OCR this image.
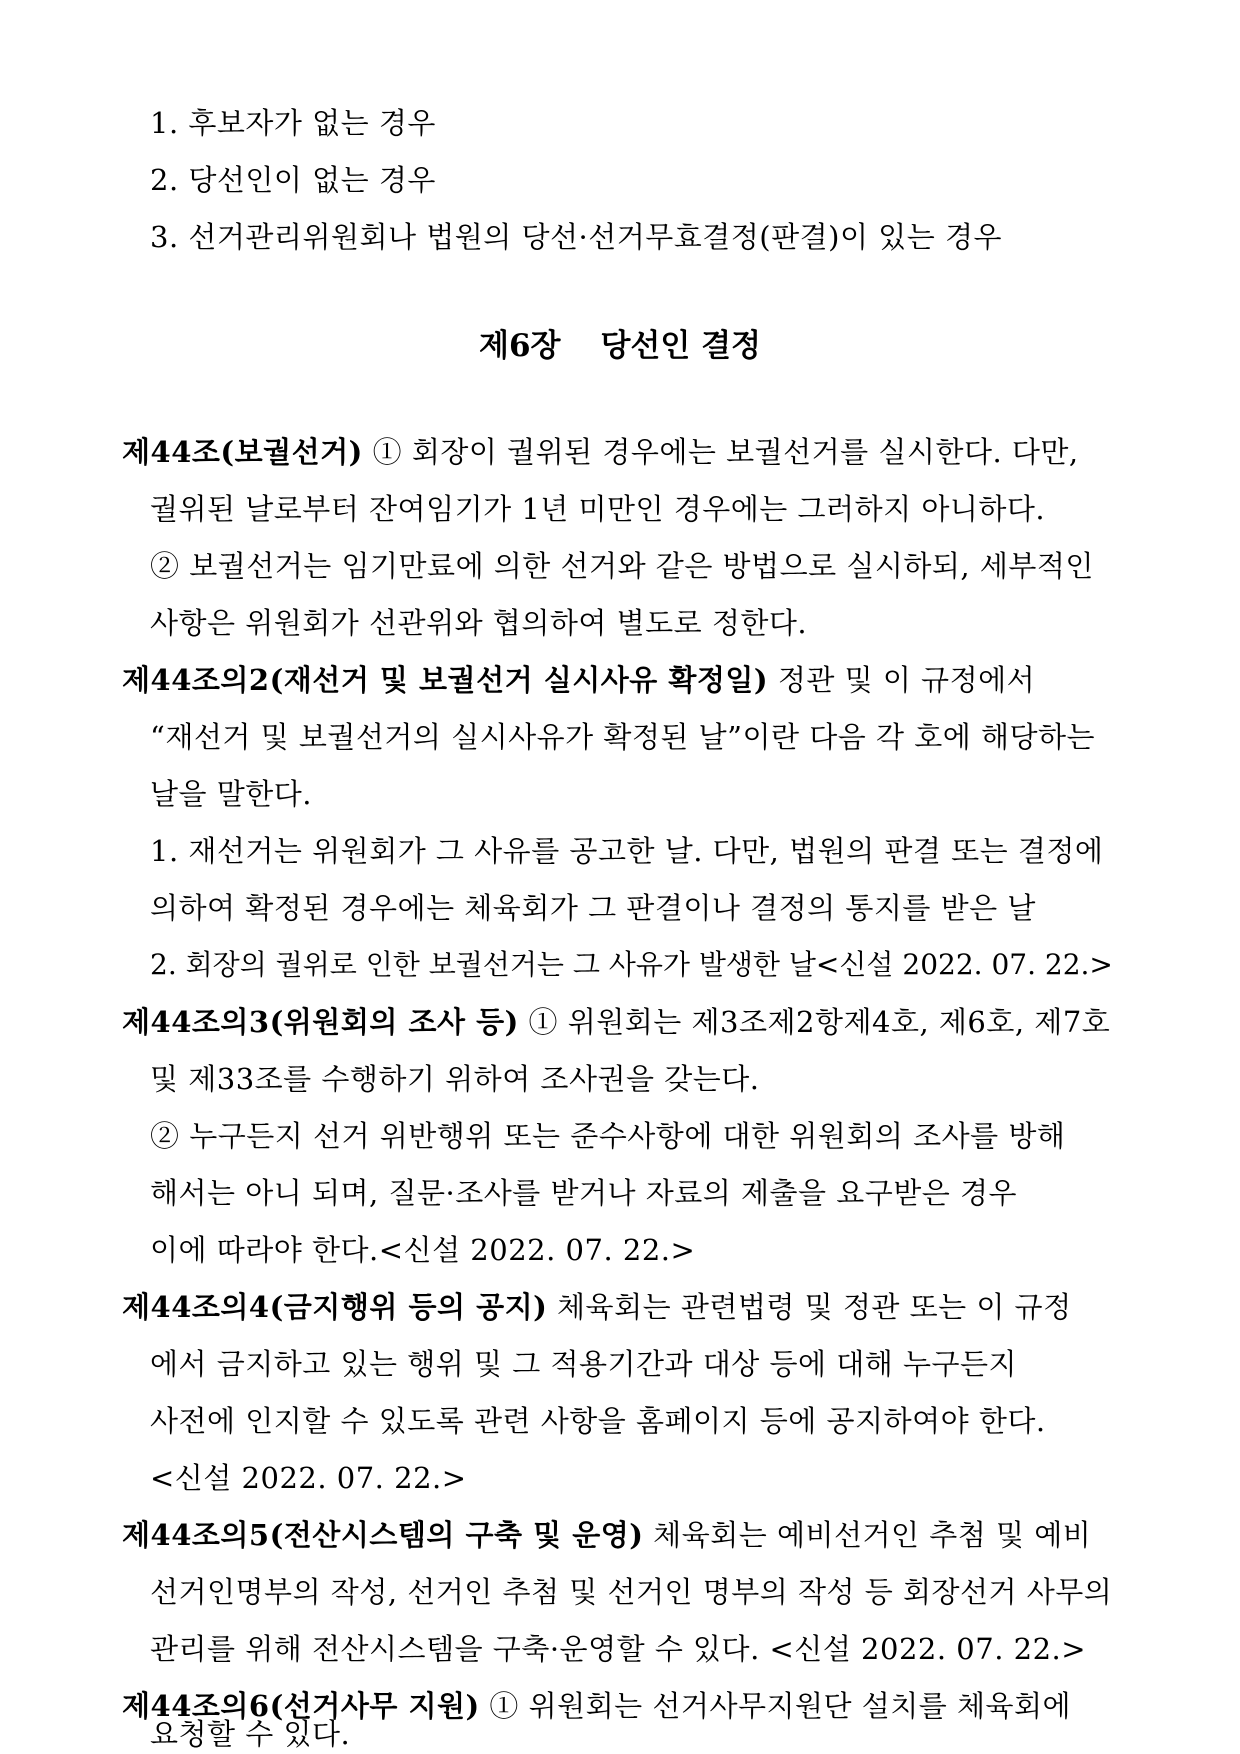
1. 후보자가 없는 경우
2. 당선인이 없는 경우
3. 선거관리위원회나 법원의 당선·선거무효결정(판결)이 있는 경우
제6장 당선인 결정
제44조(보궐선거) ① 회장이 궐위된 경우에는 보궐선거를 실시한다. 다만,
궐위된 날로부터 잔여임기가 1년 미만인 경우에는 그러하지 아니하다.
② 보궐선거는 임기만료에 의한 선거와 같은 방법으로 실시하되, 세부적인
사항은 위원회가 선관위와 협의하여 별도로 정한다.
제44조의2(재선거 및 보궐선거 실시사유 확정일) 정관 및 이 규정에서
“재선거 및 보궐선거의 실시사유가 확정된 날”이란 다음 각 호에 해당하는
날을 말한다.
1. 재선거는 위원회가 그 사유를 공고한 날. 다만, 법원의 판결 또는 결정에
의하여 확정된 경우에는 체육회가 그 판결이나 결정의 통지를 받은 날
2. 회장의 궐위로 인한 보궐선거는 그 사유가 발생한 날<신설 2022. 07. 22.>
제44조의3(위원회의 조사 등) ① 위원회는 제3조제2항제4호, 제6호, 제7호
및 제33조를 수행하기 위하여 조사권을 갖는다.
② 누구든지 선거 위반행위 또는 준수사항에 대한 위원회의 조사를 방해
해서는 아니 되며, 질문·조사를 받거나 자료의 제출을 요구받은 경우
이에 따라야 한다.<신설 2022. 07. 22.>
제44조의4(금지행위 등의 공지) 체육회는 관련법령 및 정관 또는 이 규정
에서 금지하고 있는 행위 및 그 적용기간과 대상 등에 대해 누구든지
사전에 인지할 수 있도록 관련 사항을 홈페이지 등에 공지하여야 한다.
<신설 2022. 07. 22.>
제44조의5(전산시스템의 구축 및 운영) 체육회는 예비선거인 추첨 및 예비
선거인명부의 작성, 선거인 추첨 및 선거인 명부의 작성 등 회장선거 사무의
관리를 위해 전산시스템을 구축·운영할 수 있다. <신설 2022. 07. 22.>
제44조의6(선거사무 지원) ① 위원회는 선거사무지원단 설치를 체육회에
요청할 수 있다.
